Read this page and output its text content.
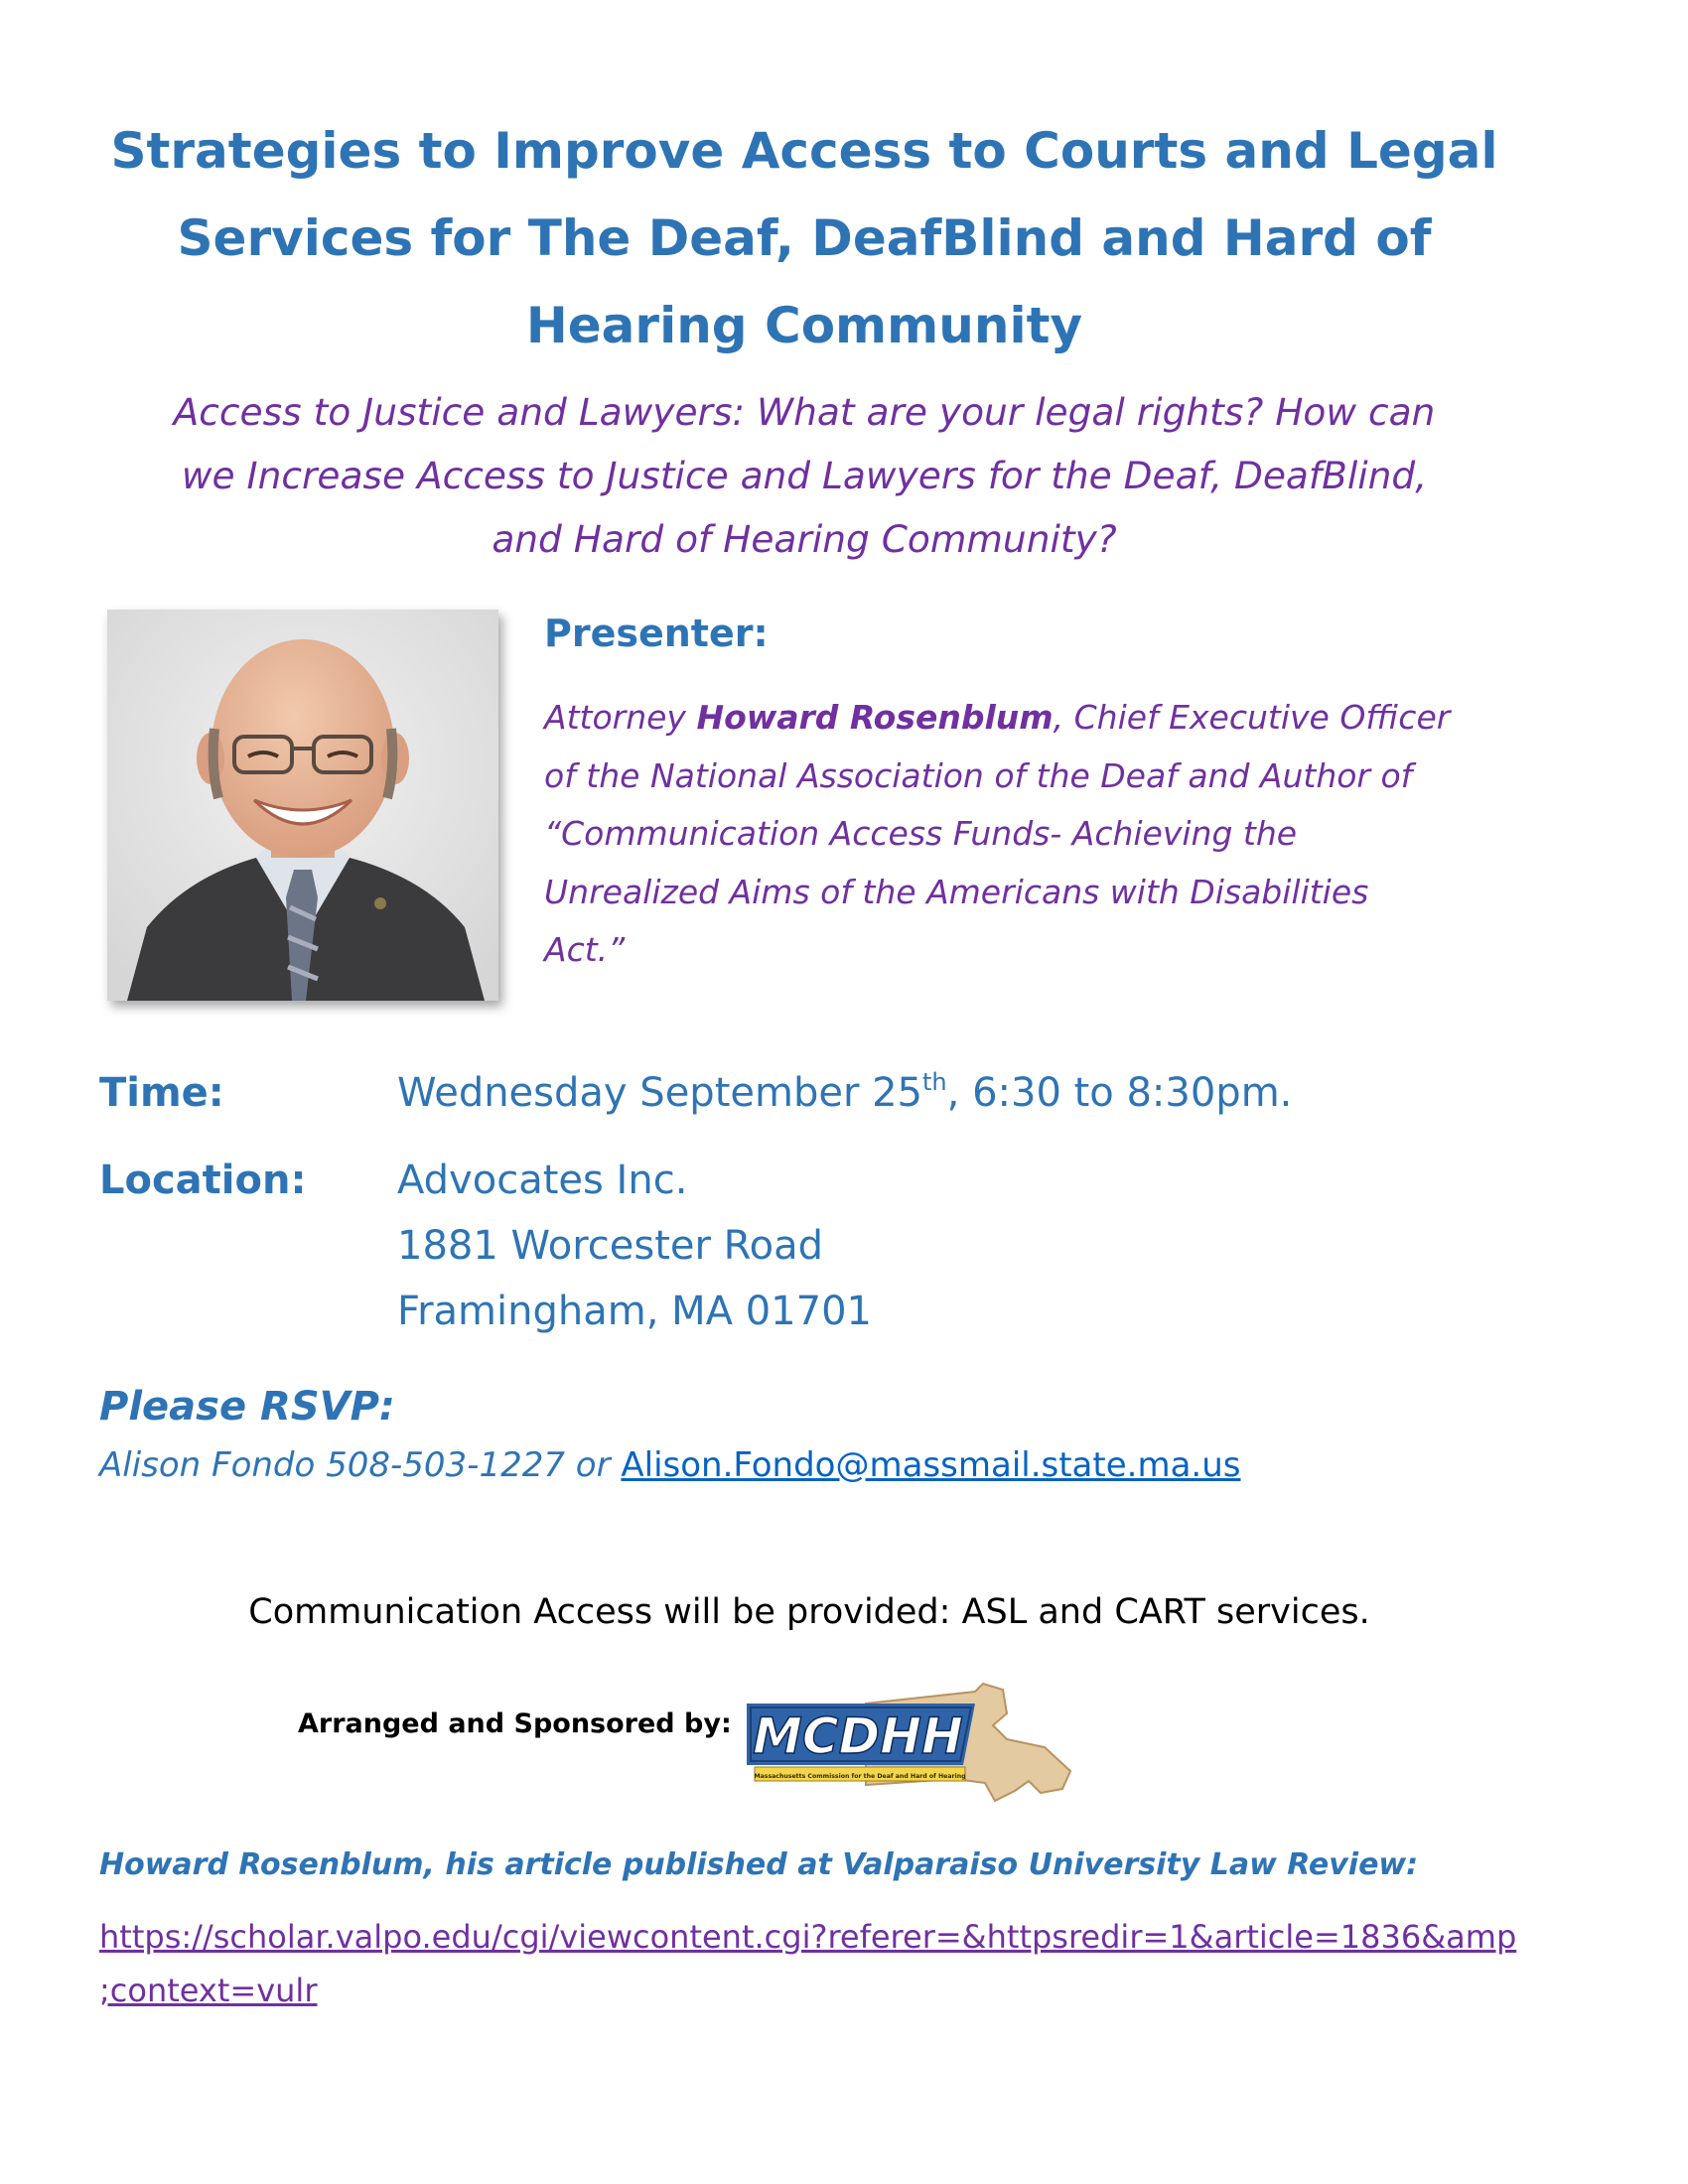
Strategies to Improve Access to Courts and Legal
Services for The Deaf, DeafBlind and Hard of
Hearing Community
Access to Justice and Lawyers: What are your legal rights? How can
we Increase Access to Justice and Lawyers for the Deaf, DeafBlind,
and Hard of Hearing Community?
Presenter:
Attorney Howard Rosenblum, Chief Executive Officer
of the National Association of the Deaf and Author of
“Communication Access Funds- Achieving the
Unrealized Aims of the Americans with Disabilities
Act.”
Time:	Wednesday September 25th, 6:30 to 8:30pm.
Location: Advocates Inc.
1881 Worcester Road
Framingham, MA 01701
Please RSVP:
Alison Fondo 508-503-1227 or Alison.Fondo@massmail.state.ma.us
Communication Access will be provided: ASL and CART services.
Arranged and Sponsored by: MCDHH
Massachusetts Commission for the Deaf and Hard of Hearing
Howard Rosenblum, his article published at Valparaiso University Law Review:
https://scholar.valpo.edu/cgi/viewcontent.cgi?referer=&httpsredir=1&article=1836&amp
;context=vulr
